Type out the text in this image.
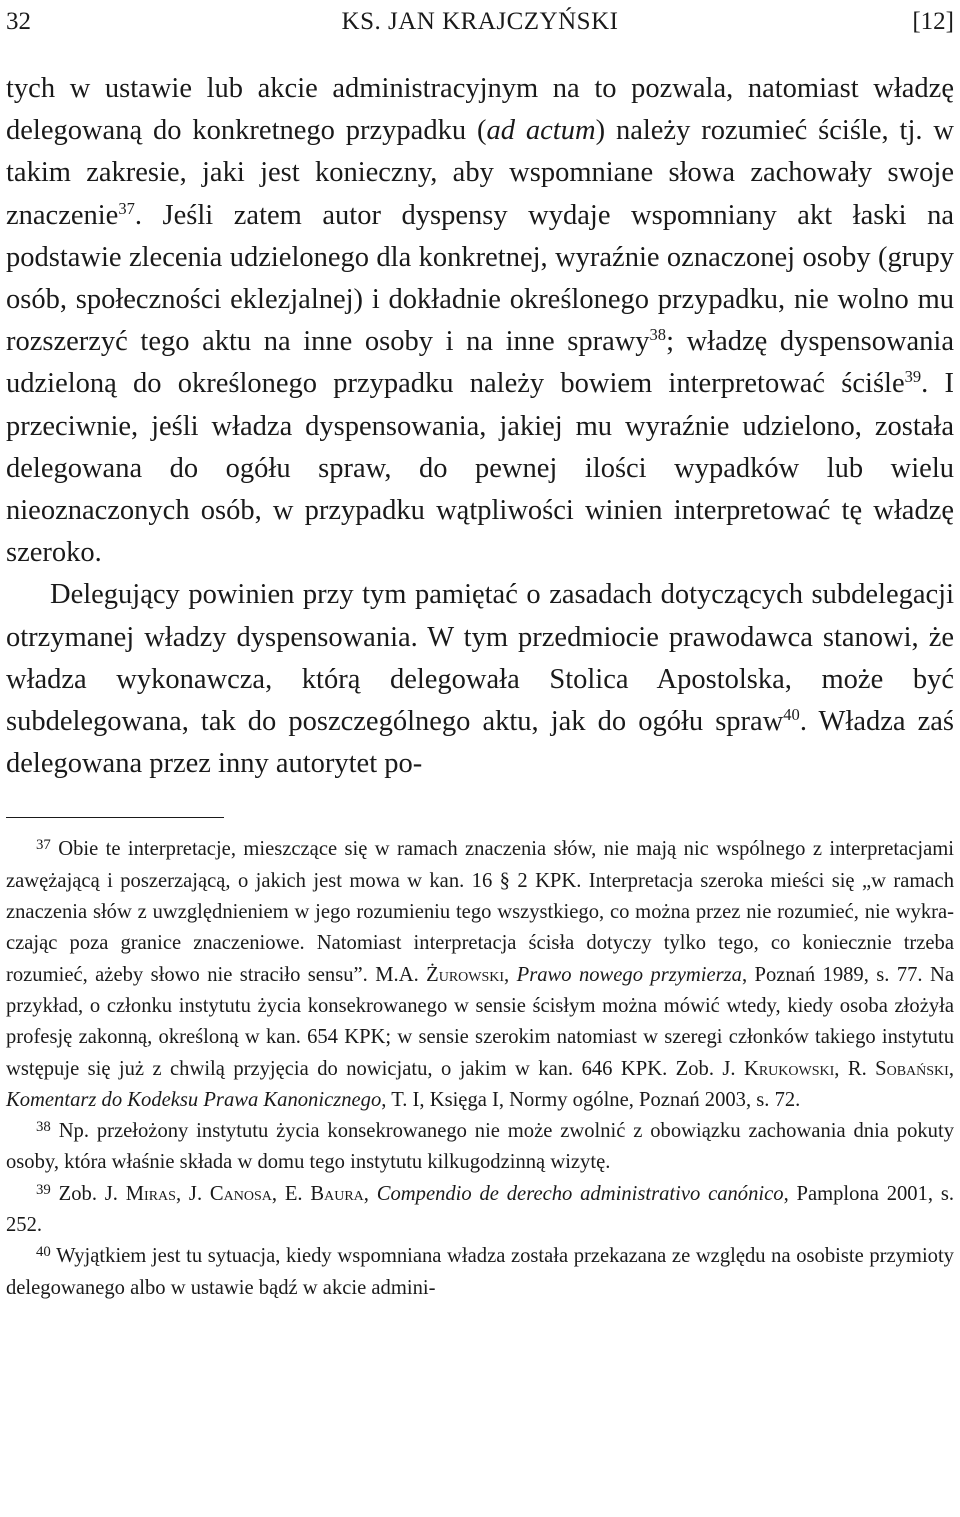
32	KS. JAN KRAJCZYŃSKI	[12]

tych w ustawie lub akcie administracyjnym na to pozwala, natomiast władzę delegowaną do konkretnego przypadku (ad actum) należy rozumieć ściśle, tj. w takim zakresie, jaki jest konieczny, aby wspomniane słowa zachowały swoje znaczenie$^{37}$. Jeśli zatem autor dyspensy wydaje wspomniany akt łaski na podstawie zlecenia udzielonego dla konkretnej, wyraźnie oznaczonej osoby (grupy osób, społeczności eklezjalnej) i dokładnie określonego przypadku, nie wolno mu rozszerzyć tego aktu na inne osoby i na inne sprawy$^{38}$; władzę dyspensowania udzieloną do określonego przypadku należy bowiem interpretować ściśle$^{39}$. I przeciwnie, jeśli władza dyspensowania, jakiej mu wyraźnie udzielono, została delegowana do ogółu spraw, do pewnej ilości wypadków lub wielu nieoznaczonych osób, w przypadku wątpliwości winien interpretować tę władzę szeroko.

Delegujący powinien przy tym pamiętać o zasadach dotyczących subdelegacji otrzymanej władzy dyspensowania. W tym przedmiocie prawodawca stanowi, że władza wykonawcza, którą delegowała Stolica Apostolska, może być subdelegowana, tak do poszczególnego aktu, jak do ogółu spraw$^{40}$. Władza zaś delegowana przez inny autorytet po-

$^{37}$ Obie te interpretacje, mieszczące się w ramach znaczenia słów, nie mają nic wspólnego z interpretacjami zawężającą i poszerzającą, o jakich jest mowa w kan. 16 § 2 KPK. Interpretacja szeroka mieści się „w ramach znaczenia słów z uwzględnieniem w jego rozumieniu tego wszystkiego, co można przez nie rozumieć, nie wykraczając poza granice znaczeniowe. Natomiast interpretacja ścisła dotyczy tylko tego, co koniecznie trzeba rozumieć, ażeby słowo nie straciło sensu”. M.A. Żurowski, Prawo nowego przymierza, Poznań 1989, s. 77. Na przykład, o członku instytutu życia konsekrowanego w sensie ścisłym można mówić wtedy, kiedy osoba złożyła profesję zakonną, określoną w kan. 654 KPK; w sensie szerokim natomiast w szeregi członków takiego instytutu wstępuje się już z chwilą przyjęcia do nowicjatu, o jakim w kan. 646 KPK. Zob. J. Krukowski, R. Sobański, Komentarz do Kodeksu Prawa Kanonicznego, T. I, Księga I, Normy ogólne, Poznań 2003, s. 72.

$^{38}$ Np. przełożony instytutu życia konsekrowanego nie może zwolnić z obowiązku zachowania dnia pokuty osoby, która właśnie składa w domu tego instytutu kilkugodzinną wizytę.

$^{39}$ Zob. J. Miras, J. Canosa, E. Baura, Compendio de derecho administrativo canónico, Pamplona 2001, s. 252.

$^{40}$ Wyjątkiem jest tu sytuacja, kiedy wspomniana władza została przekazana ze względu na osobiste przymioty delegowanego albo w ustawie bądź w akcie admini-
